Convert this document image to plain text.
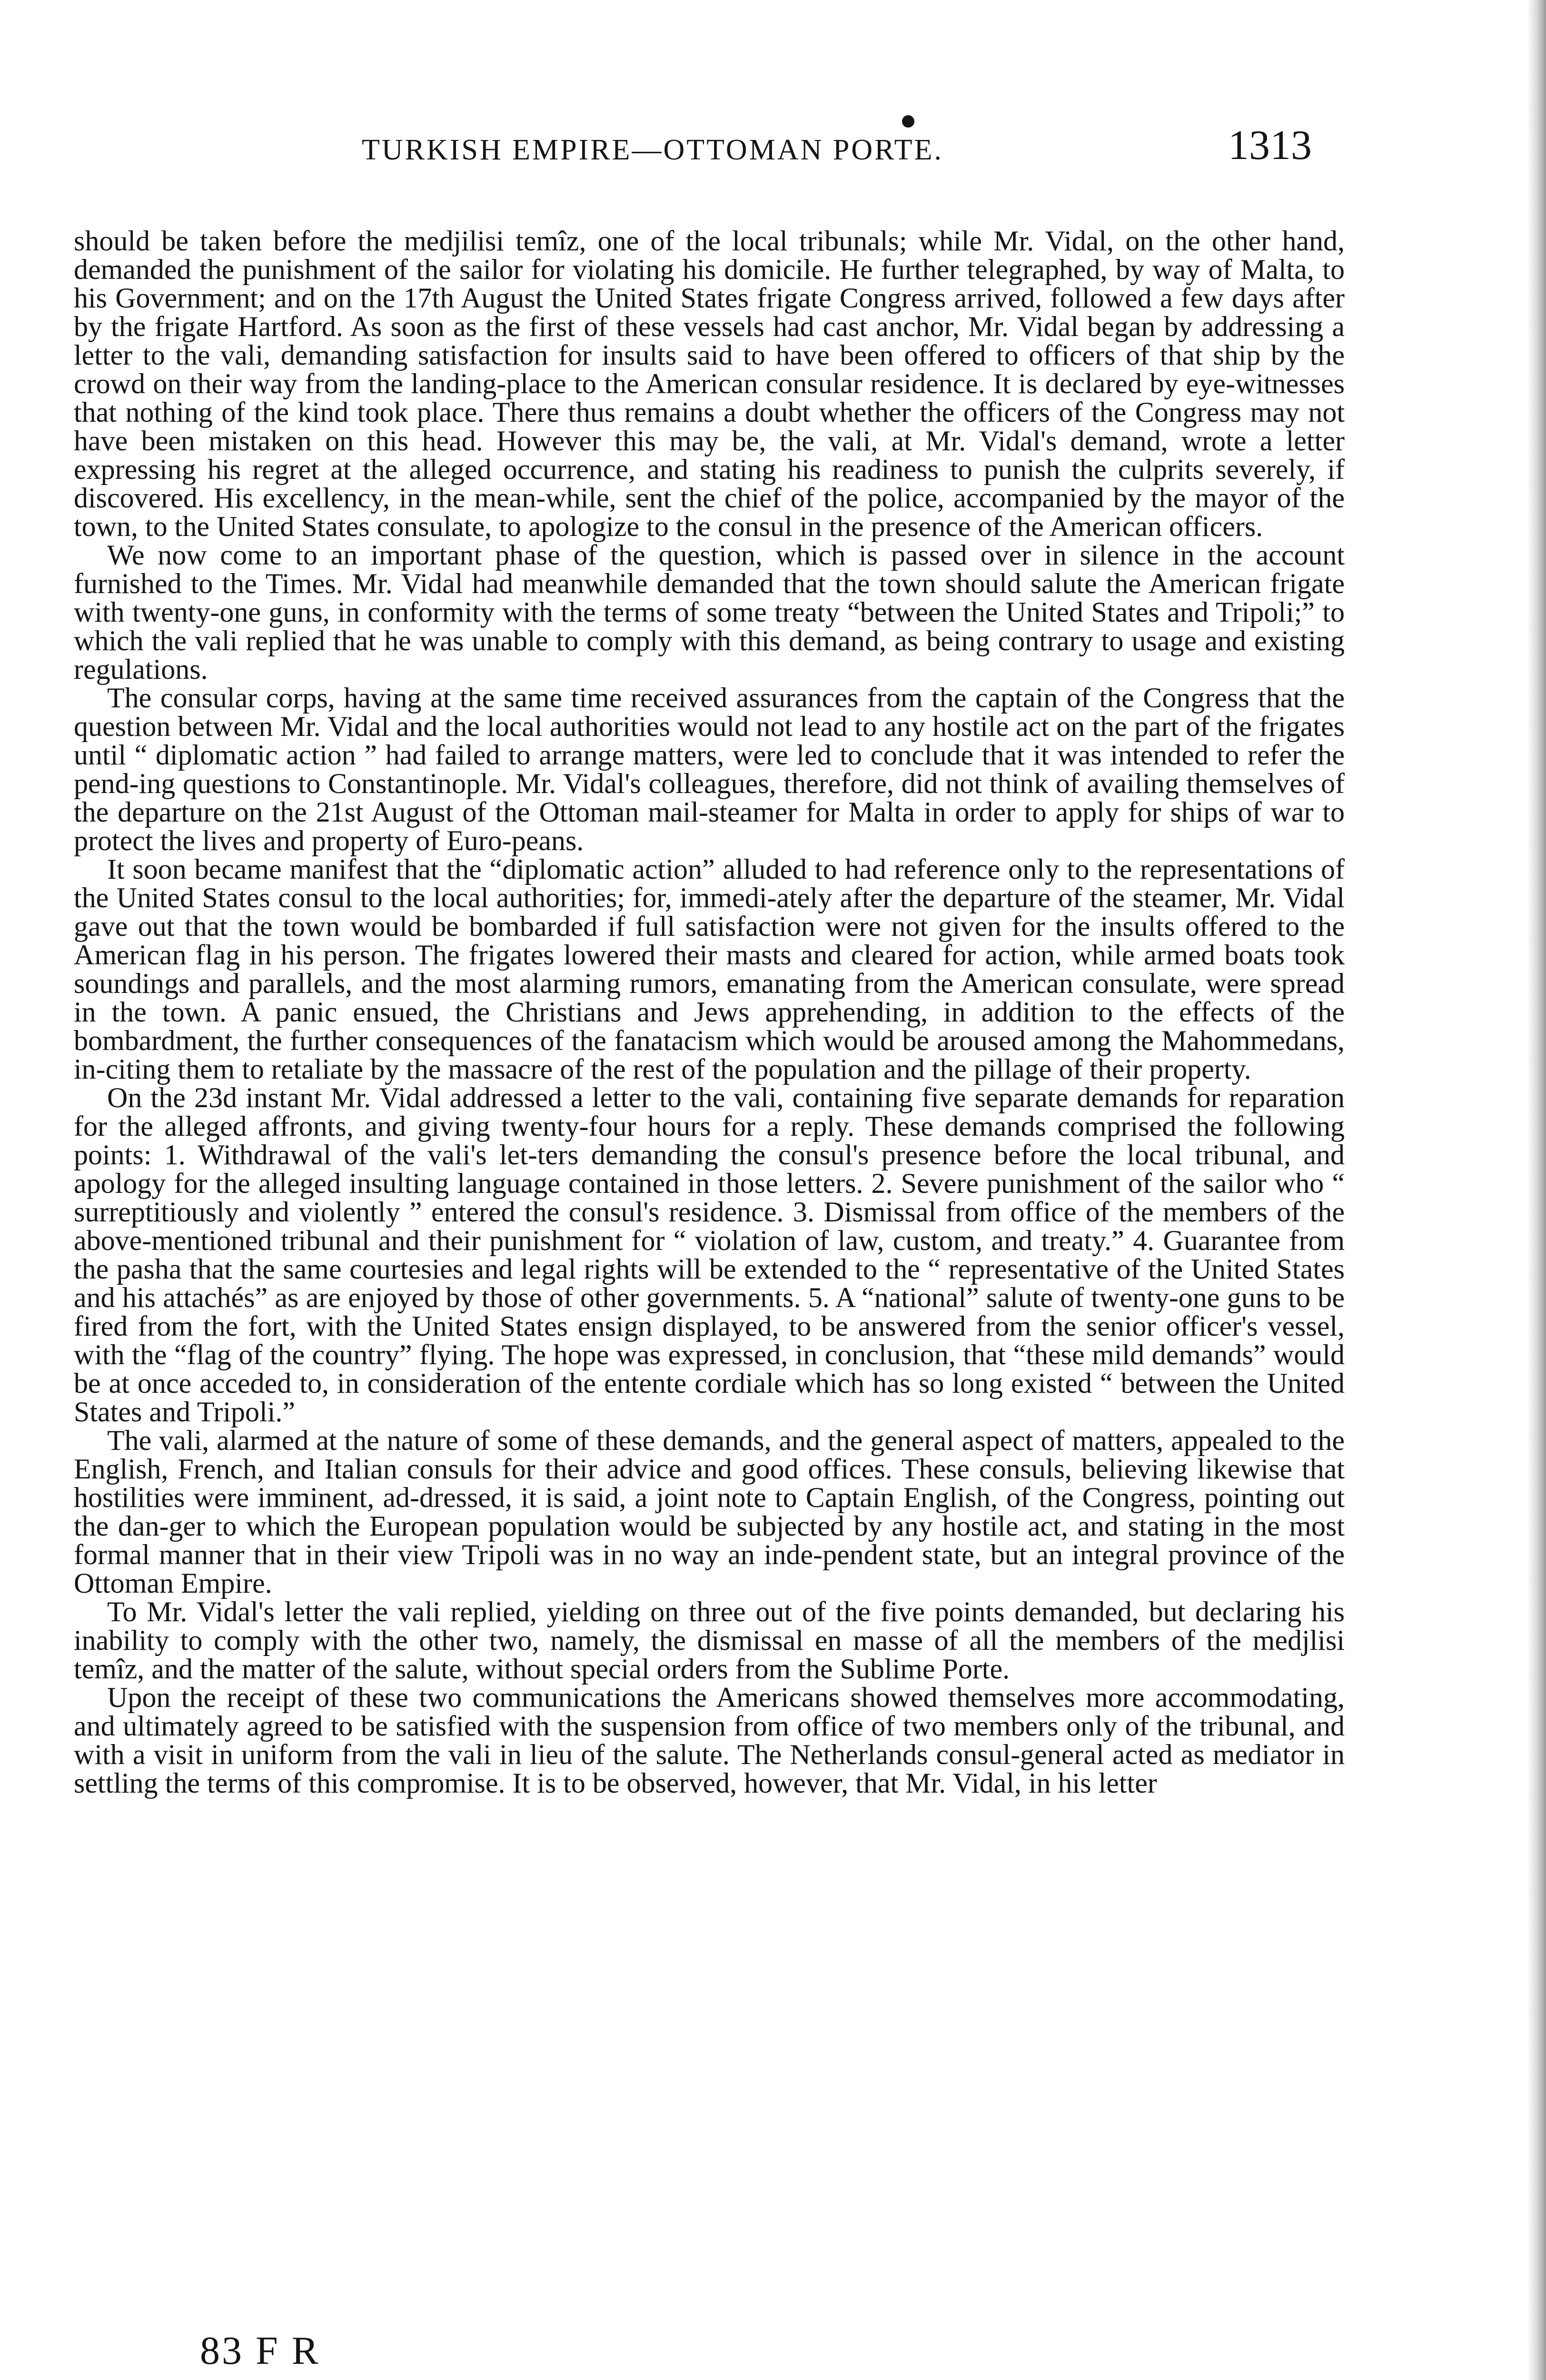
TURKISH EMPIRE—OTTOMAN PORTE.	1313

should be taken before the medjilisi temîz, one of the local tribunals; while Mr. Vidal, on the other hand, demanded the punishment of the sailor for violating his domicile. He further telegraphed, by way of Malta, to his Government; and on the 17th August the United States frigate Congress arrived, followed a few days after by the frigate Hartford. As soon as the first of these vessels had cast anchor, Mr. Vidal began by addressing a letter to the vali, demanding satisfaction for insults said to have been offered to officers of that ship by the crowd on their way from the landing-place to the American consular residence. It is declared by eye-witnesses that nothing of the kind took place. There thus remains a doubt whether the officers of the Congress may not have been mistaken on this head. However this may be, the vali, at Mr. Vidal's demand, wrote a letter expressing his regret at the alleged occurrence, and stating his readiness to punish the culprits severely, if discovered. His excellency, in the mean-while, sent the chief of the police, accompanied by the mayor of the town, to the United States consulate, to apologize to the consul in the presence of the American officers.

We now come to an important phase of the question, which is passed over in silence in the account furnished to the Times. Mr. Vidal had meanwhile demanded that the town should salute the American frigate with twenty-one guns, in conformity with the terms of some treaty “between the United States and Tripoli;” to which the vali replied that he was unable to comply with this demand, as being contrary to usage and existing regulations.

The consular corps, having at the same time received assurances from the captain of the Congress that the question between Mr. Vidal and the local authorities would not lead to any hostile act on the part of the frigates until “ diplomatic action ” had failed to arrange matters, were led to conclude that it was intended to refer the pend-ing questions to Constantinople. Mr. Vidal's colleagues, therefore, did not think of availing themselves of the departure on the 21st August of the Ottoman mail-steamer for Malta in order to apply for ships of war to protect the lives and property of Euro-peans.

It soon became manifest that the “diplomatic action” alluded to had reference only to the representations of the United States consul to the local authorities; for, immedi-ately after the departure of the steamer, Mr. Vidal gave out that the town would be bombarded if full satisfaction were not given for the insults offered to the American flag in his person. The frigates lowered their masts and cleared for action, while armed boats took soundings and parallels, and the most alarming rumors, emanating from the American consulate, were spread in the town. A panic ensued, the Christians and Jews apprehending, in addition to the effects of the bombardment, the further consequences of the fanatacism which would be aroused among the Mahommedans, in-citing them to retaliate by the massacre of the rest of the population and the pillage of their property.

On the 23d instant Mr. Vidal addressed a letter to the vali, containing five separate demands for reparation for the alleged affronts, and giving twenty-four hours for a reply. These demands comprised the following points: 1. Withdrawal of the vali's let-ters demanding the consul's presence before the local tribunal, and apology for the alleged insulting language contained in those letters. 2. Severe punishment of the sailor who “ surreptitiously and violently ” entered the consul's residence. 3. Dismissal from office of the members of the above-mentioned tribunal and their punishment for “ violation of law, custom, and treaty.” 4. Guarantee from the pasha that the same courtesies and legal rights will be extended to the “ representative of the United States and his attachés” as are enjoyed by those of other governments. 5. A “national” salute of twenty-one guns to be fired from the fort, with the United States ensign displayed, to be answered from the senior officer's vessel, with the “flag of the country” flying. The hope was expressed, in conclusion, that “these mild demands” would be at once acceded to, in consideration of the entente cordiale which has so long existed “ between the United States and Tripoli.”

The vali, alarmed at the nature of some of these demands, and the general aspect of matters, appealed to the English, French, and Italian consuls for their advice and good offices. These consuls, believing likewise that hostilities were imminent, ad-dressed, it is said, a joint note to Captain English, of the Congress, pointing out the dan-ger to which the European population would be subjected by any hostile act, and stating in the most formal manner that in their view Tripoli was in no way an inde-pendent state, but an integral province of the Ottoman Empire.

To Mr. Vidal's letter the vali replied, yielding on three out of the five points demanded, but declaring his inability to comply with the other two, namely, the dismissal en masse of all the members of the medjlisi temîz, and the matter of the salute, without special orders from the Sublime Porte.

Upon the receipt of these two communications the Americans showed themselves more accommodating, and ultimately agreed to be satisfied with the suspension from office of two members only of the tribunal, and with a visit in uniform from the vali in lieu of the salute. The Netherlands consul-general acted as mediator in settling the terms of this compromise. It is to be observed, however, that Mr. Vidal, in his letter

83 F R
